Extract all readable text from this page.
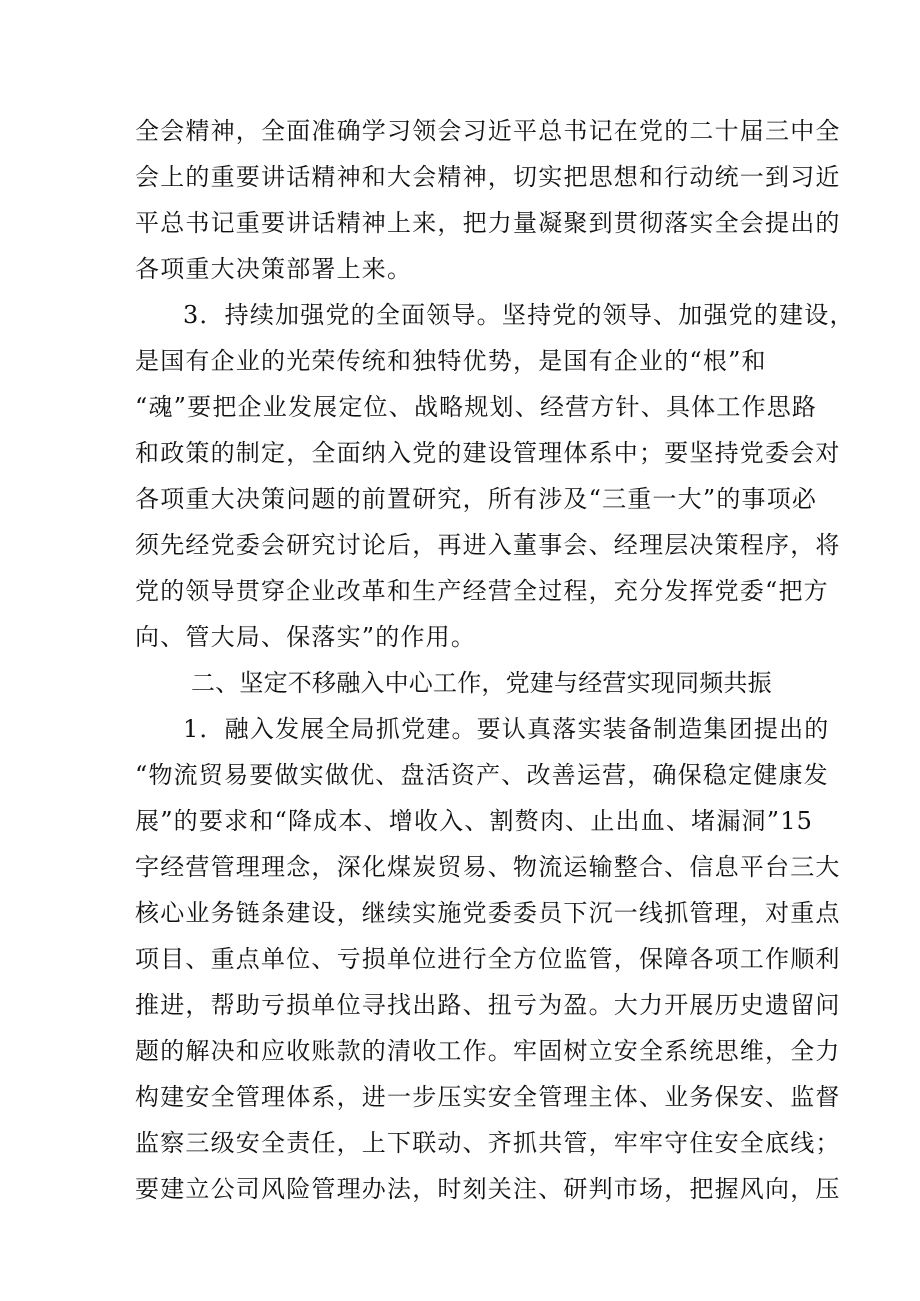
全会精神，全面准确学习领会习近平总书记在党的二十届三中全
会上的重要讲话精神和大会精神，切实把思想和行动统一到习近
平总书记重要讲话精神上来，把力量凝聚到贯彻落实全会提出的
各项重大决策部署上来。
3．持续加强党的全面领导。坚持党的领导、加强党的建设，
是国有企业的光荣传统和独特优势，是国有企业的“根”和
“魂”要把企业发展定位、战略规划、经营方针、具体工作思路
和政策的制定，全面纳入党的建设管理体系中；要坚持党委会对
各项重大决策问题的前置研究，所有涉及“三重一大”的事项必
须先经党委会研究讨论后，再进入董事会、经理层决策程序，将
党的领导贯穿企业改革和生产经营全过程，充分发挥党委“把方
向、管大局、保落实”的作用。
二、坚定不移融入中心工作，党建与经营实现同频共振
1．融入发展全局抓党建。要认真落实装备制造集团提出的
“物流贸易要做实做优、盘活资产、改善运营，确保稳定健康发
展”的要求和“降成本、增收入、割赘肉、止出血、堵漏洞”15
字经营管理理念，深化煤炭贸易、物流运输整合、信息平台三大
核心业务链条建设，继续实施党委委员下沉一线抓管理，对重点
项目、重点单位、亏损单位进行全方位监管，保障各项工作顺利
推进，帮助亏损单位寻找出路、扭亏为盈。大力开展历史遗留问
题的解决和应收账款的清收工作。牢固树立安全系统思维，全力
构建安全管理体系，进一步压实安全管理主体、业务保安、监督
监察三级安全责任，上下联动、齐抓共管，牢牢守住安全底线；
要建立公司风险管理办法，时刻关注、研判市场，把握风向，压
